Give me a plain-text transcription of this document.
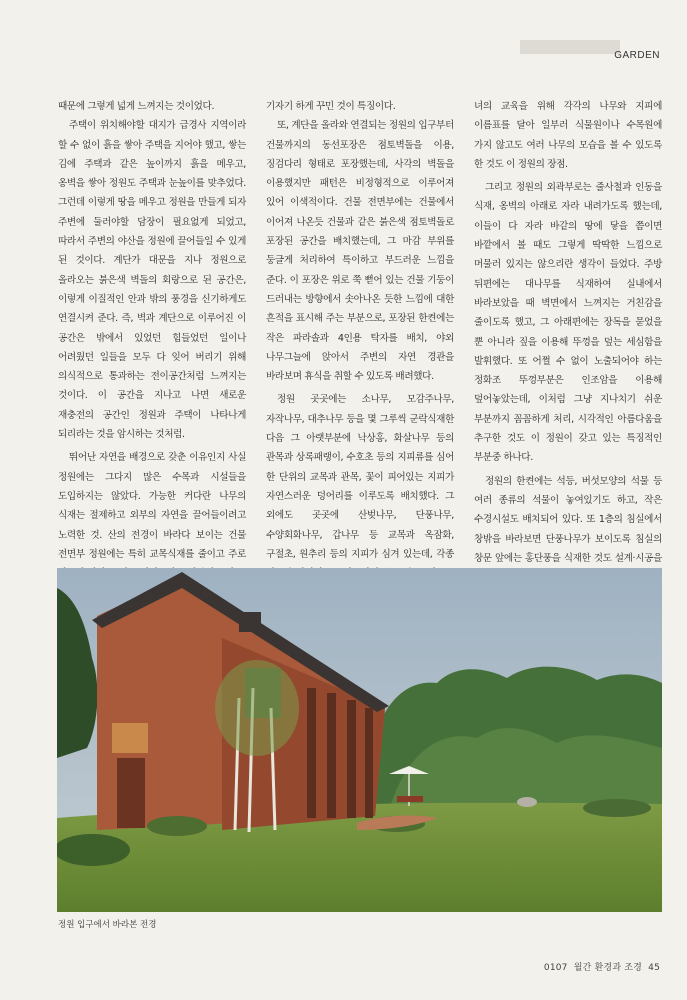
GARDEN

때문에 그렇게 넓게 느껴지는 것이었다.

주택이 위치해야할 대지가 급경사 지역이라 할 수 없이 흙을 쌓아 주택을 지어야 했고, 쌓는 김에 주택과 같은 높이까지 흙을 메우고, 옹벽을 쌓아 정원도 주택과 눈높이를 맞추었다. 그런데 이렇게 땅을 메우고 정원을 만들게 되자 주변에 둘러야할 담장이 필요없게 되었고, 따라서 주변의 야산을 정원에 끌어들일 수 있게 된 것이다. 계단가 대문을 지나 정원으로 올라오는 붉은색 벽돌의 회랑으로 된 공간은, 이렇게 이질적인 안과 밖의 풍경을 신기하게도 연결시켜 준다. 즉, 벽과 계단으로 이루어진 이 공간은 밖에서 있었던 힘들었던 일이나 어려웠던 일들을 모두 다 잊어 버리기 위해 의식적으로 통과하는 전이공간처럼 느껴지는 것이다. 이 공간을 지나고 나면 새로운 재충전의 공간인 정원과 주택이 나타나게 되리라는 것을 암시하는 것처럼.

뛰어난 자연을 배경으로 갖춘 이유인지 사실 정원에는 그다지 많은 수목과 시설들을 도입하지는 않았다. 가능한 커다란 나무의 식재는 절제하고 외부의 자연을 끌어들이려고 노력한 것. 산의 전경이 바라다 보이는 건물 전면부 정원에는 특히 교목식재를 줄이고 주로

기자기 하게 꾸민 것이 특징이다.

또, 계단을 올라와 연결되는 정원의 입구부터 건물까지의 동선포장은 점토벽돌을 이용, 징검다리 형태로 포장했는데, 사각의 벽돌을 이용했지만 패턴은 비정형적으로 이루어져 있어 이색적이다. 건물 전면부에는 건물에서 이어져 나온듯 건물과 같은 붉은색 점토벽돌로 포장된 공간을 배치했는데, 그 마감 부위를 둥글게 처리하여 특이하고 부드러운 느낌을 준다. 이 포장은 위로 쭉 뻗어 있는 건물 기둥이 드러내는 방향에서 솟아나온 듯한 느낌에 대한 흔적을 표시해 주는 부분으로, 포장된 한켠에는 작은 파라솔과 4인용 탁자를 배치, 야외 나무그늘에 앉아서 주변의 자연 경관을 바라보며 휴식을 취할 수 있도록 배려했다.

정원 곳곳에는 소나무, 모감주나무, 자작나무, 대추나무 등을 몇 그루씩 군락식재한 다음 그 아랫부분에 낙상홍, 화살나무 등의 관목과 상록패랭이, 수호초 등의 지피류를 심어 한 단위의 교목과 관목, 꽃이 피어있는 지피가 자연스러운 덩어리를 이루도록 배치했다. 그 외에도 곳곳에 산벚나무, 단풍나무, 수양회화나무, 갑나무 등 교목과 옥잠화, 구절초, 원추리 등의 지피가 심겨 있는데, 각종

녀의 교육을 위해 각각의 나무와 지피에 이름표를 달아 일부러 식물원이나 수목원에 가지 않고도 여러 나무의 모습을 볼 수 있도록 한 것도 이 정원의 장점.

그리고 정원의 외곽부로는 줄사철과 인동을 식재, 옹벽의 아래로 자라 내려가도록 했는데, 이들이 다 자라 바같의 땅에 닿을 쯤이면 바깥에서 볼 때도 그렇게 딱딱한 느낌으로 머물러 있지는 않으리란 생각이 들었다. 주방 뒤편에는 대나무를 식재하여 실내에서 바라보았을 때 벽면에서 느껴지는 거친감을 줄이도록 했고, 그 아래편에는 장독을 묻었을 뿐 아니라 짚을 이용해 뚜껑을 덮는 세심함을 발휘했다. 또 어쩔 수 없이 노출되어야 하는 정화조 뚜껑부분은 인조암을 이용해 덮어놓았는데, 이처럼 그냥 지나치기 쉬운 부분까지 꼼꼼하게 처리, 시각적인 아름다움을 추구한 것도 이 정원이 갖고 있는 특징적인 부분중 하나다.

정원의 한켠에는 석등, 버섯모양의 석물 등 여러 종류의 석물이 놓여있기도 하고, 작은 수경시설도 배치되어 있다. 또 1층의 침실에서 창밖을 바라보면 단풍나무가 보이도록 침실의 창문 앞에는 홍단풍을 식재한 것도 설계·시공을

정원 입구에서 바라본 전경
0107 월간 환경과 조경 45
